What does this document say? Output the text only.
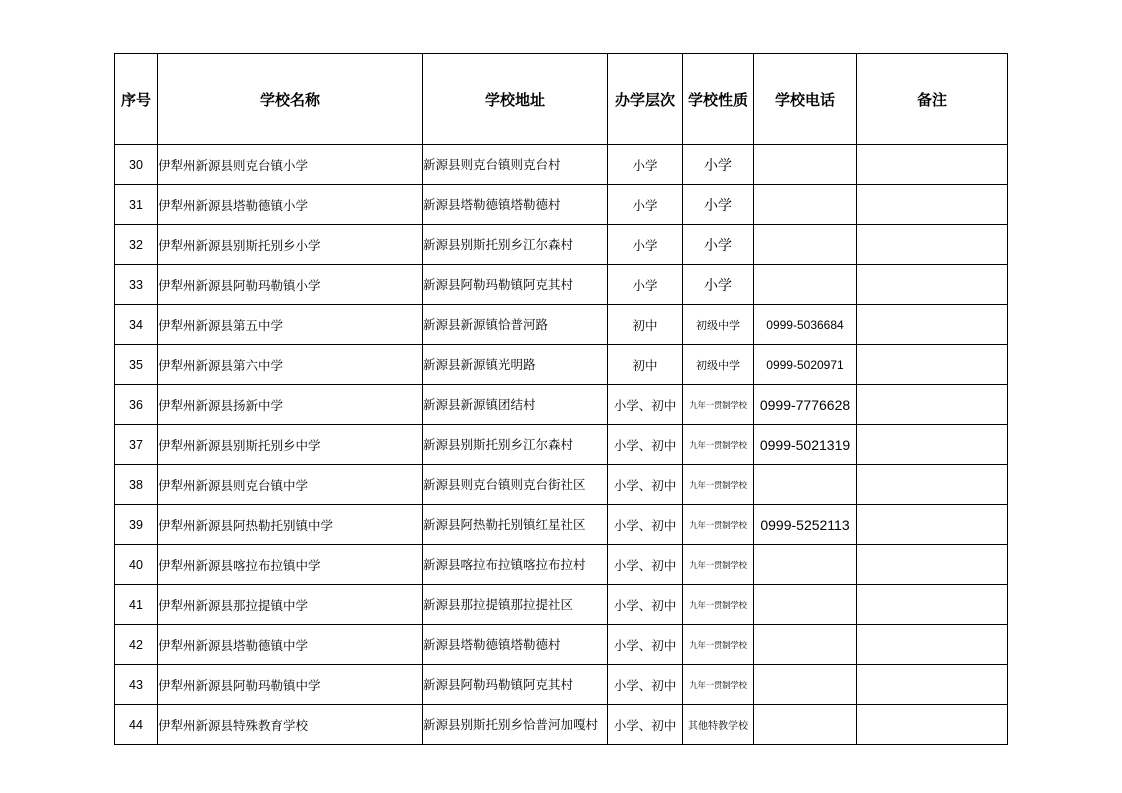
序号	学校名称	学校地址	办学层次	学校性质	学校电话	备注
30	伊犁州新源县则克台镇小学	新源县则克台镇则克台村	小学	小学		
31	伊犁州新源县塔勒德镇小学	新源县塔勒德镇塔勒德村	小学	小学		
32	伊犁州新源县别斯托别乡小学	新源县别斯托别乡江尔森村	小学	小学		
33	伊犁州新源县阿勒玛勒镇小学	新源县阿勒玛勒镇阿克其村	小学	小学		
34	伊犁州新源县第五中学	新源县新源镇恰普河路	初中	初级中学	0999-5036684	
35	伊犁州新源县第六中学	新源县新源镇光明路	初中	初级中学	0999-5020971	
36	伊犁州新源县扬新中学	新源县新源镇团结村	小学、初中	九年一贯制学校	0999-7776628	
37	伊犁州新源县别斯托别乡中学	新源县别斯托别乡江尔森村	小学、初中	九年一贯制学校	0999-5021319	
38	伊犁州新源县则克台镇中学	新源县则克台镇则克台街社区	小学、初中	九年一贯制学校		
39	伊犁州新源县阿热勒托别镇中学	新源县阿热勒托别镇红星社区	小学、初中	九年一贯制学校	0999-5252113	
40	伊犁州新源县喀拉布拉镇中学	新源县喀拉布拉镇喀拉布拉村	小学、初中	九年一贯制学校		
41	伊犁州新源县那拉提镇中学	新源县那拉提镇那拉提社区	小学、初中	九年一贯制学校		
42	伊犁州新源县塔勒德镇中学	新源县塔勒德镇塔勒德村	小学、初中	九年一贯制学校		
43	伊犁州新源县阿勒玛勒镇中学	新源县阿勒玛勒镇阿克其村	小学、初中	九年一贯制学校		
44	伊犁州新源县特殊教育学校	新源县别斯托别乡恰普河加嘎村	小学、初中	其他特教学校		
